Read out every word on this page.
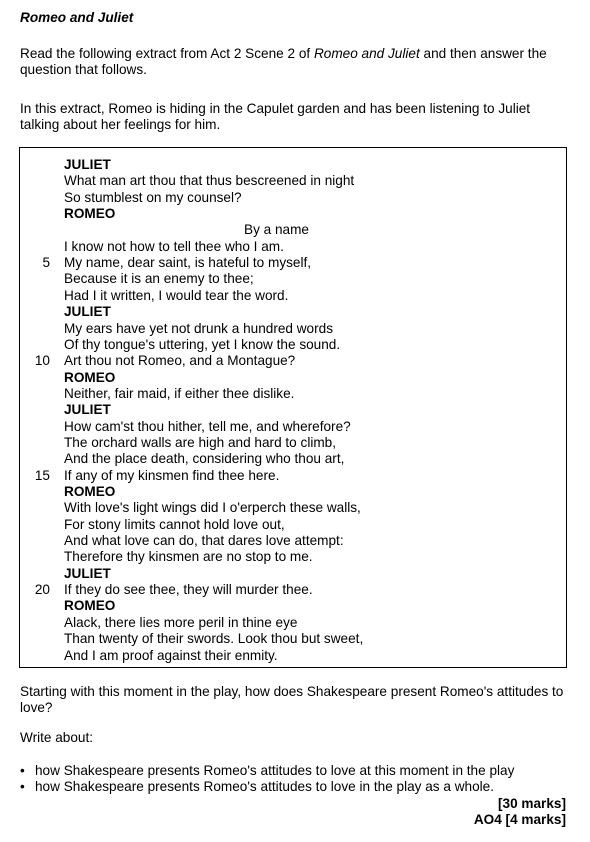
Romeo and Juliet
Read the following extract from Act 2 Scene 2 of Romeo and Juliet and then answer the question that follows.
In this extract, Romeo is hiding in the Capulet garden and has been listening to Juliet talking about her feelings for him.
JULIET
What man art thou that thus bescreened in night
So stumblest on my counsel?
ROMEO
By a name
I know not how to tell thee who I am.
5 My name, dear saint, is hateful to myself,
Because it is an enemy to thee;
Had I it written, I would tear the word.
JULIET
My ears have yet not drunk a hundred words
Of thy tongue's uttering, yet I know the sound.
10 Art thou not Romeo, and a Montague?
ROMEO
Neither, fair maid, if either thee dislike.
JULIET
How cam'st thou hither, tell me, and wherefore?
The orchard walls are high and hard to climb,
And the place death, considering who thou art,
15 If any of my kinsmen find thee here.
ROMEO
With love's light wings did I o'erperch these walls,
For stony limits cannot hold love out,
And what love can do, that dares love attempt:
Therefore thy kinsmen are no stop to me.
JULIET
20 If they do see thee, they will murder thee.
ROMEO
Alack, there lies more peril in thine eye
Than twenty of their swords. Look thou but sweet,
And I am proof against their enmity.
Starting with this moment in the play, how does Shakespeare present Romeo's attitudes to love?
Write about:
• how Shakespeare presents Romeo's attitudes to love at this moment in the play
• how Shakespeare presents Romeo's attitudes to love in the play as a whole.
[30 marks]
AO4 [4 marks]
